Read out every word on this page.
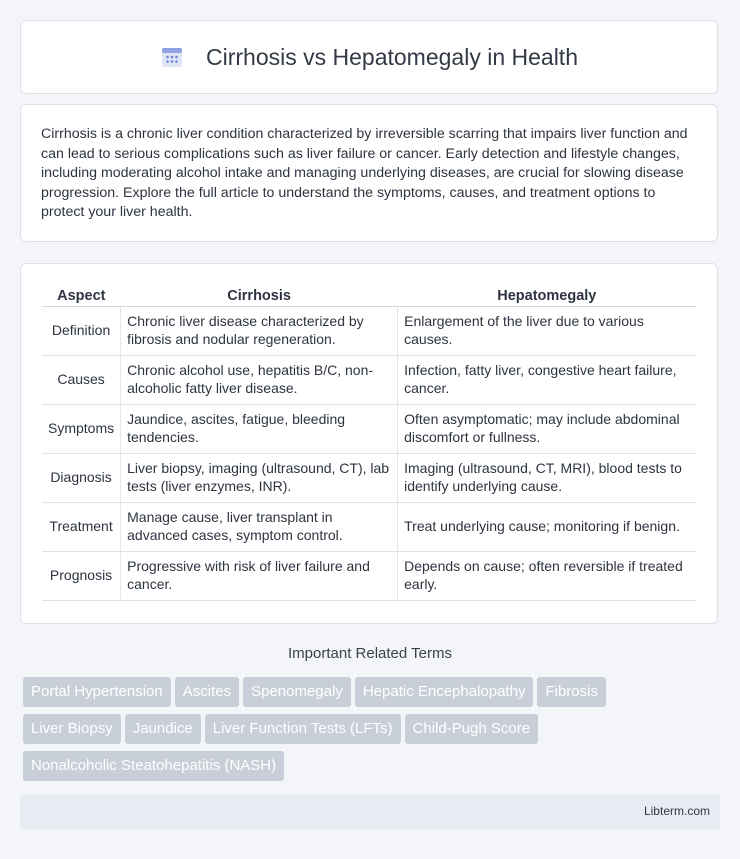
Cirrhosis vs Hepatomegaly in Health

Cirrhosis is a chronic liver condition characterized by irreversible scarring that impairs liver function and can lead to serious complications such as liver failure or cancer. Early detection and lifestyle changes, including moderating alcohol intake and managing underlying diseases, are crucial for slowing disease progression. Explore the full article to understand the symptoms, causes, and treatment options to protect your liver health.

Aspect	Cirrhosis	Hepatomegaly
Definition	Chronic liver disease characterized by fibrosis and nodular regeneration.	Enlargement of the liver due to various causes.
Causes	Chronic alcohol use, hepatitis B/C, non-alcoholic fatty liver disease.	Infection, fatty liver, congestive heart failure, cancer.
Symptoms	Jaundice, ascites, fatigue, bleeding tendencies.	Often asymptomatic; may include abdominal discomfort or fullness.
Diagnosis	Liver biopsy, imaging (ultrasound, CT), lab tests (liver enzymes, INR).	Imaging (ultrasound, CT, MRI), blood tests to identify underlying cause.
Treatment	Manage cause, liver transplant in advanced cases, symptom control.	Treat underlying cause; monitoring if benign.
Prognosis	Progressive with risk of liver failure and cancer.	Depends on cause; often reversible if treated early.
Important Related Terms
Portal Hypertension Ascites Spenomegaly Hepatic Encephalopathy Fibrosis
Liver Biopsy Jaundice Liver Function Tests (LFTs) Child-Pugh Score
Nonalcoholic Steatohepatitis (NASH)
Libterm.com
